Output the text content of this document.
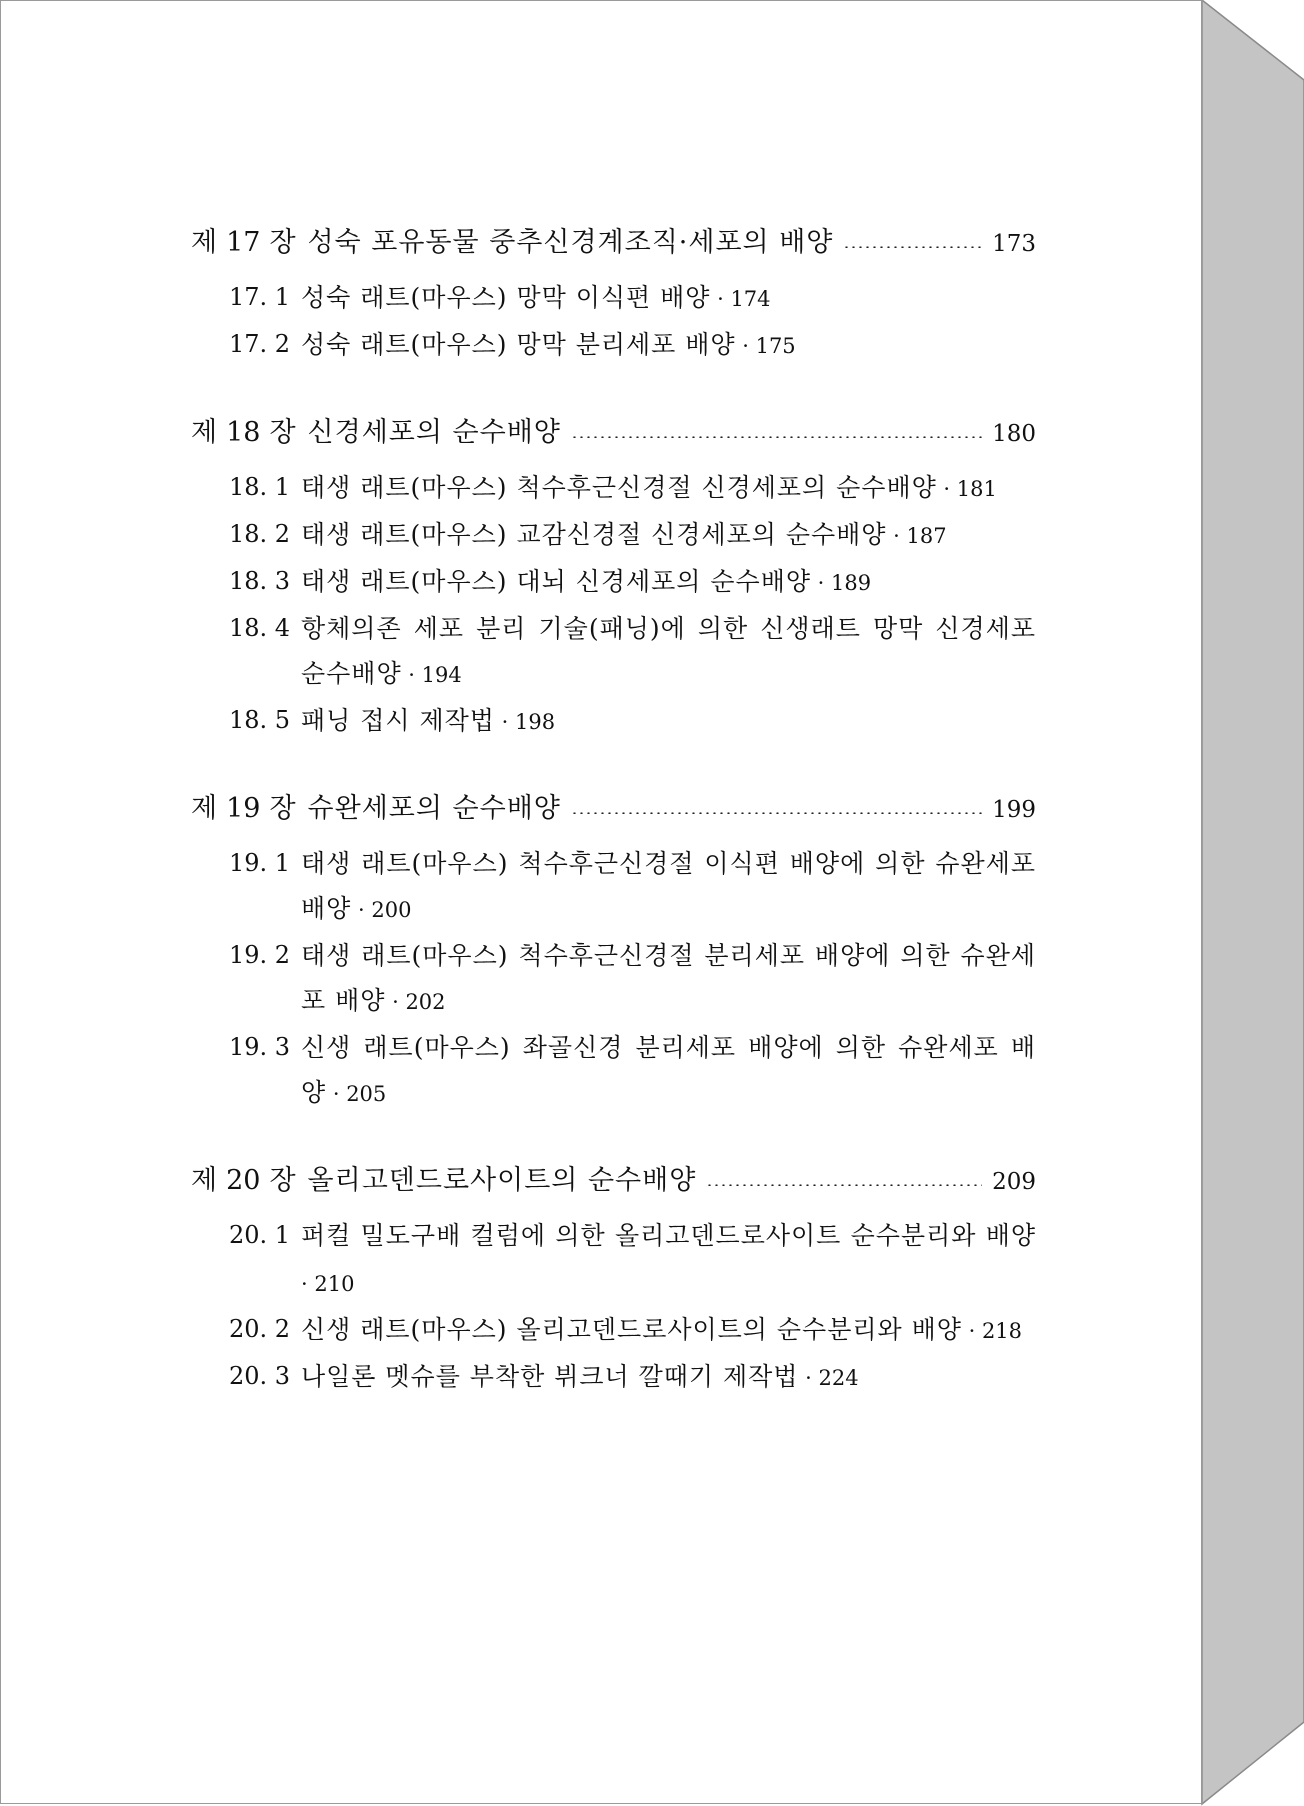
제 17 장 성숙 포유동물 중추신경계조직·세포의 배양	173
17. 1 성숙 래트(마우스) 망막 이식편 배양 · 174
17. 2 성숙 래트(마우스) 망막 분리세포 배양 · 175
제 18 장 신경세포의 순수배양	180
18. 1 태생 래트(마우스) 척수후근신경절 신경세포의 순수배양 · 181
18. 2 태생 래트(마우스) 교감신경절 신경세포의 순수배양 · 187
18. 3 태생 래트(마우스) 대뇌 신경세포의 순수배양 · 189
18. 4 항체의존 세포 분리 기술(패닝)에 의한 신생래트 망막 신경세포 순수배양 · 194
18. 5 패닝 접시 제작법 · 198
제 19 장 슈완세포의 순수배양	199
19. 1 태생 래트(마우스) 척수후근신경절 이식편 배양에 의한 슈완세포 배양 · 200
19. 2 태생 래트(마우스) 척수후근신경절 분리세포 배양에 의한 슈완세포 배양 · 202
19. 3 신생 래트(마우스) 좌골신경 분리세포 배양에 의한 슈완세포 배양 · 205
제 20 장 올리고덴드로사이트의 순수배양	209
20. 1 퍼컬 밀도구배 컬럼에 의한 올리고덴드로사이트 순수분리와 배양 · 210
20. 2 신생 래트(마우스) 올리고덴드로사이트의 순수분리와 배양 · 218
20. 3 나일론 멧슈를 부착한 뷔크너 깔때기 제작법 · 224
